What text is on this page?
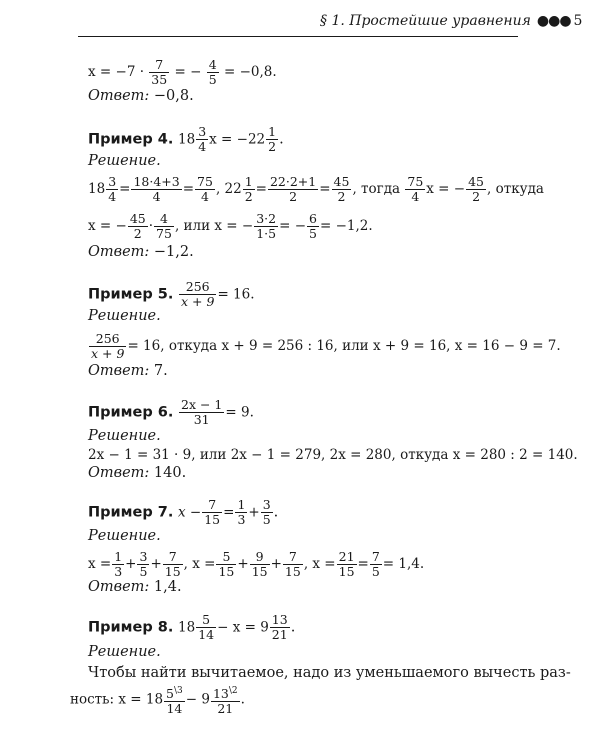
§ 1. Простейшие уравнения ●●● 5
$x = -7 \cdot \frac{7}{35}$ = − $\frac{4}{5} = -0,8$.
Ответ: −0,8.
Пример 4. $18 \frac{3}{4}$ $x = -22 \frac{1}{2}$ .
Решение.
$18 \frac{3}{4} = \frac{18\cdot 4+3}{4} = \frac{75}{4}$ , $22 \frac{1}{2} = \frac{22\cdot 2+1}{2} = \frac{45}{2}$ , тогда $\frac{75}{4}$ x = − $\frac{45}{2}$ , откуда
x = − $\frac{45}{2} \cdot \frac{4}{75}$ , или x = − $\frac{3\cdot 2}{1\cdot 5}$ = − $\frac{6}{5} = -1,2$.
Ответ: −1,2.
Пример 5. $\frac{256}{x + 9} = 16$.
Решение.
$\frac{256}{x + 9} = 16$, откуда x + 9 = 256 : 16, или x + 9 = 16, x = 16 − 9 = 7.
Ответ: 7.
Пример 6. $\frac{2x - 1}{31} = 9$.
Решение.
2x − 1 = 31 · 9, или 2x − 1 = 279, 2x = 280, откуда x = 280 : 2 = 140.
Ответ: 140.
Пример 7. $x - \frac{7}{15} = \frac{1}{3} + \frac{3}{5}$ .
Решение.
$x = \frac{1}{3} + \frac{3}{5} + \frac{7}{15}$ , $x = \frac{5}{15} + \frac{9}{15} + \frac{7}{15}$ , $x = \frac{21}{15} = \frac{7}{5} = 1,4$.
Ответ: 1,4.
Пример 8. $18 \frac{5}{14} - x = 9 \frac{13}{21}$ .
Решение.
Чтобы найти вычитаемое, надо из уменьшаемого вычесть раз-
ность: $x = 18 \frac{5^{\backslash 3}}{14} - 9 \frac{13^{\backslash 2}}{21}$ .
